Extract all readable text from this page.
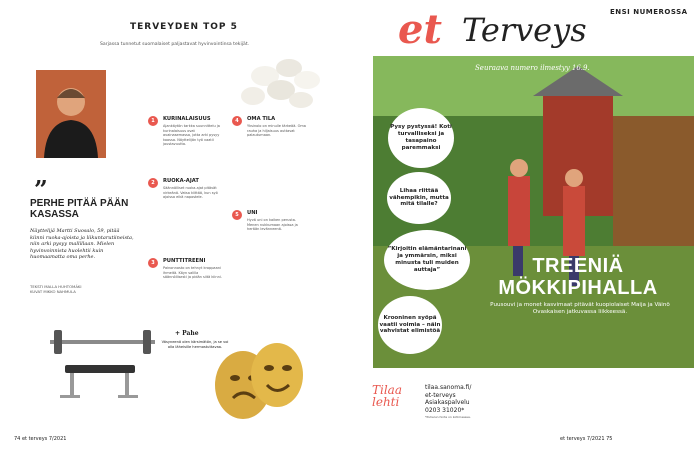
TERVEYDEN TOP 5
Sarjassa tunnetut suomalaiset paljastavat hyvinvointinsa tekijät.
”
PERHE PITÄÄ PÄÄN KASASSA
Näyttelijä Martti Suosalo, 59, pitää kiinni ruoka-ajoista ja liikuntarutiineista, niin arki pysyy mallillaan. Mielen hyvinvoinnista huolehtii kuin huomaamatta oma perhe.
TEKSTI MALLA HUHTOMÄKI
KUVAT MIKKO NAHMULA
1	KURINALAISUUS
Ajankäytön tarkka suunnittelu ja kurinalaisuus ovat avainasemassa, jotta arki pysyy koossa. Näyttelijän työ vaatii joustavuutta.
2	RUOKA-AJAT
Säännölliset ruoka-ajat pitävät virkeänä. Vatsa kiittää, kun syö ajoissa eikä napostele.
3	PUNTTITREENI
Painonnosto on tehnyt kroppaani ihmeitä. Käyn salilla säännöllisesti ja pidän siitä kiinni.
4	OMA TILA
Yksinolo on minulle tärkeää. Oma rauha ja hiljaisuus auttavat palautumaan.
5	UNI
Hyvä uni on kaiken perusta. Menen nukkumaan ajoissa ja herään levänneenä.
+ Pahe
Väsyneenä olen kärsimätön, ja se voi olla läheisille hermostuttavaa.
74 et terveys 7/2021
ENSI NUMEROSSA
et Terveys
Seuraava numero ilmestyy 16.9.
Pysy pystyssä! Koti turvalliseksi ja tasapaino paremmaksi
Lihaa riittää vähempikin, mutta mitä tilalle?
”Kirjoitin elämäntarinani ja ymmärsin, miksi minusta tuli muiden auttaja”
Krooninen syöpä vaatii voimia – näin vahvistat elimistöä
TREENIÄ MÖKKIPIHALLA
Puusouvi ja monet kasvimaat pitävät kuopiolaiset Maija ja Väinö Ovaskaisen jatkuvassa liikkeessä.
Tilaa
lehti
tilaa.sanoma.fi/
et-terveys
Asiakaspalvelu
0203 31020*
*Puhelun hinta on kotimaassa.
et terveys 7/2021 75
